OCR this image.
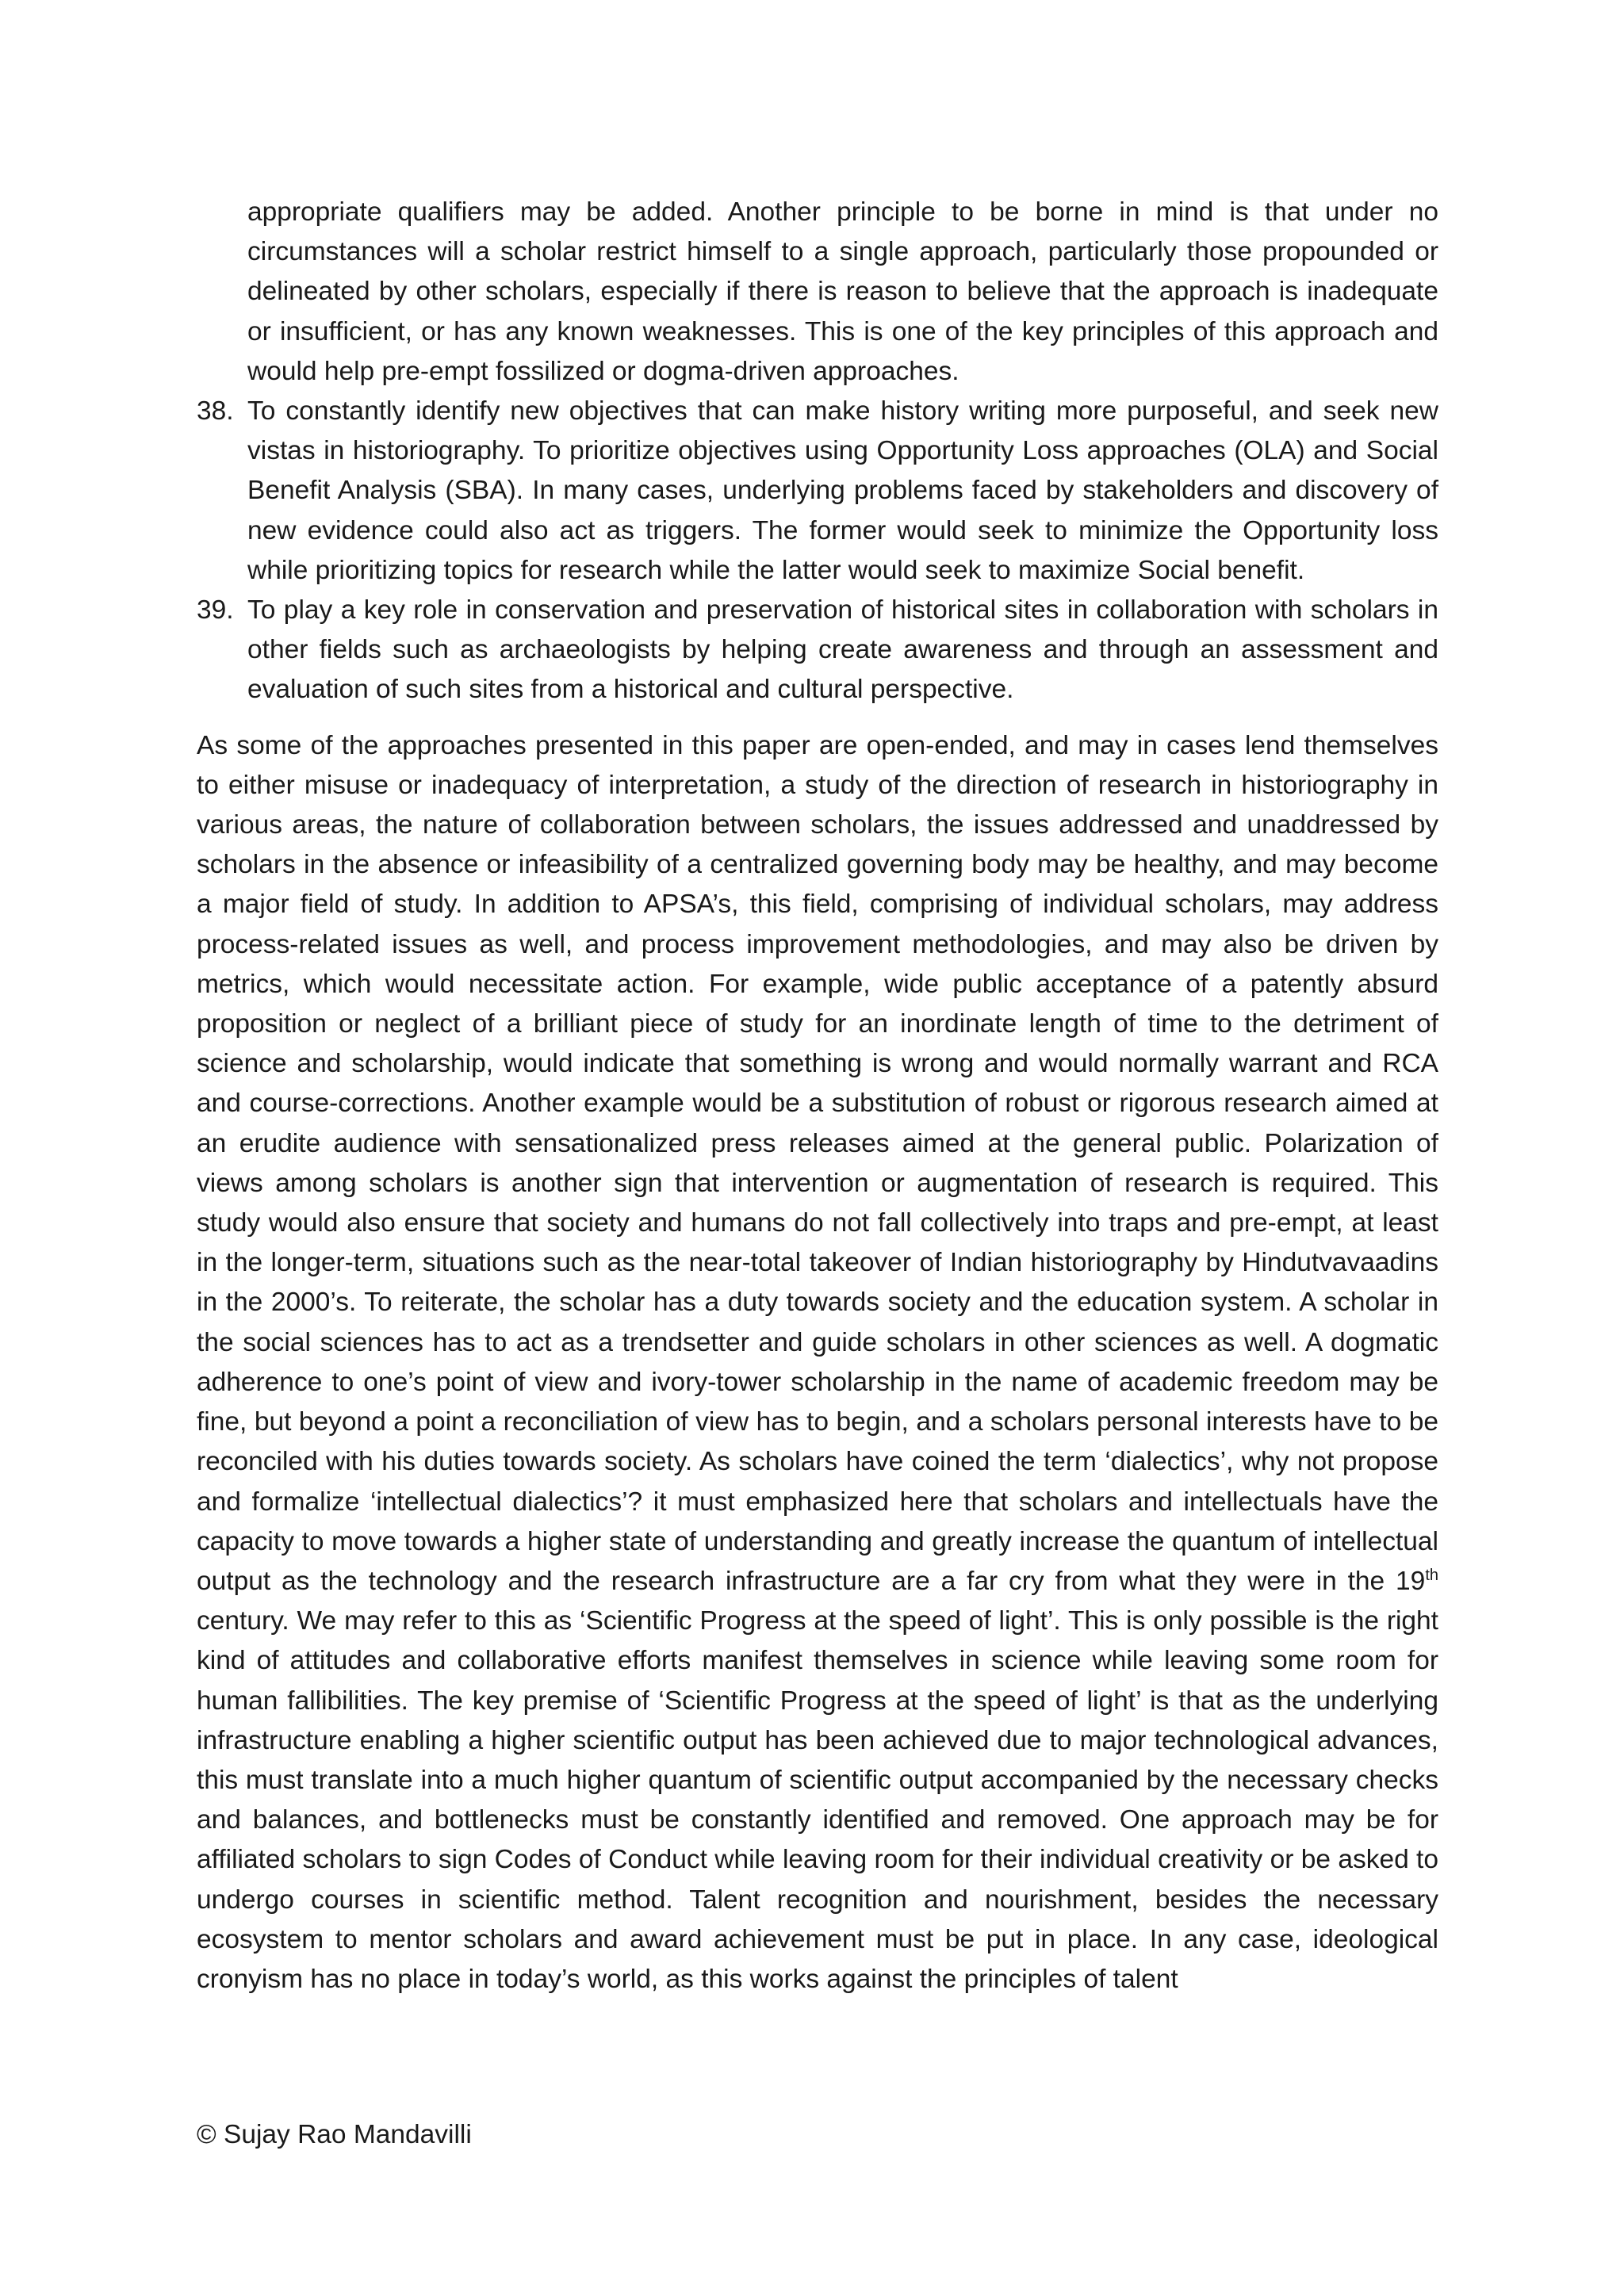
appropriate qualifiers may be added. Another principle to be borne in mind is that under no circumstances will a scholar restrict himself to a single approach, particularly those propounded or delineated by other scholars, especially if there is reason to believe that the approach is inadequate or insufficient, or has any known weaknesses. This is one of the key principles of this approach and would help pre-empt fossilized or dogma-driven approaches.

38. To constantly identify new objectives that can make history writing more purposeful, and seek new vistas in historiography. To prioritize objectives using Opportunity Loss approaches (OLA) and Social Benefit Analysis (SBA). In many cases, underlying problems faced by stakeholders and discovery of new evidence could also act as triggers. The former would seek to minimize the Opportunity loss while prioritizing topics for research while the latter would seek to maximize Social benefit.

39. To play a key role in conservation and preservation of historical sites in collaboration with scholars in other fields such as archaeologists by helping create awareness and through an assessment and evaluation of such sites from a historical and cultural perspective.

As some of the approaches presented in this paper are open-ended, and may in cases lend themselves to either misuse or inadequacy of interpretation, a study of the direction of research in historiography in various areas, the nature of collaboration between scholars, the issues addressed and unaddressed by scholars in the absence or infeasibility of a centralized governing body may be healthy, and may become a major field of study. In addition to APSA’s, this field, comprising of individual scholars, may address process-related issues as well, and process improvement methodologies, and may also be driven by metrics, which would necessitate action. For example, wide public acceptance of a patently absurd proposition or neglect of a brilliant piece of study for an inordinate length of time to the detriment of science and scholarship, would indicate that something is wrong and would normally warrant and RCA and course-corrections. Another example would be a substitution of robust or rigorous research aimed at an erudite audience with sensationalized press releases aimed at the general public. Polarization of views among scholars is another sign that intervention or augmentation of research is required. This study would also ensure that society and humans do not fall collectively into traps and pre-empt, at least in the longer-term, situations such as the near-total takeover of Indian historiography by Hindutvavaadins in the 2000’s. To reiterate, the scholar has a duty towards society and the education system. A scholar in the social sciences has to act as a trendsetter and guide scholars in other sciences as well. A dogmatic adherence to one’s point of view and ivory-tower scholarship in the name of academic freedom may be fine, but beyond a point a reconciliation of view has to begin, and a scholars personal interests have to be reconciled with his duties towards society. As scholars have coined the term ‘dialectics’, why not propose and formalize ‘intellectual dialectics’? it must emphasized here that scholars and intellectuals have the capacity to move towards a higher state of understanding and greatly increase the quantum of intellectual output as the technology and the research infrastructure are a far cry from what they were in the 19th century. We may refer to this as ‘Scientific Progress at the speed of light’. This is only possible is the right kind of attitudes and collaborative efforts manifest themselves in science while leaving some room for human fallibilities. The key premise of ‘Scientific Progress at the speed of light’ is that as the underlying infrastructure enabling a higher scientific output has been achieved due to major technological advances, this must translate into a much higher quantum of scientific output accompanied by the necessary checks and balances, and bottlenecks must be constantly identified and removed. One approach may be for affiliated scholars to sign Codes of Conduct while leaving room for their individual creativity or be asked to undergo courses in scientific method. Talent recognition and nourishment, besides the necessary ecosystem to mentor scholars and award achievement must be put in place. In any case, ideological cronyism has no place in today’s world, as this works against the principles of talent

© Sujay Rao Mandavilli
